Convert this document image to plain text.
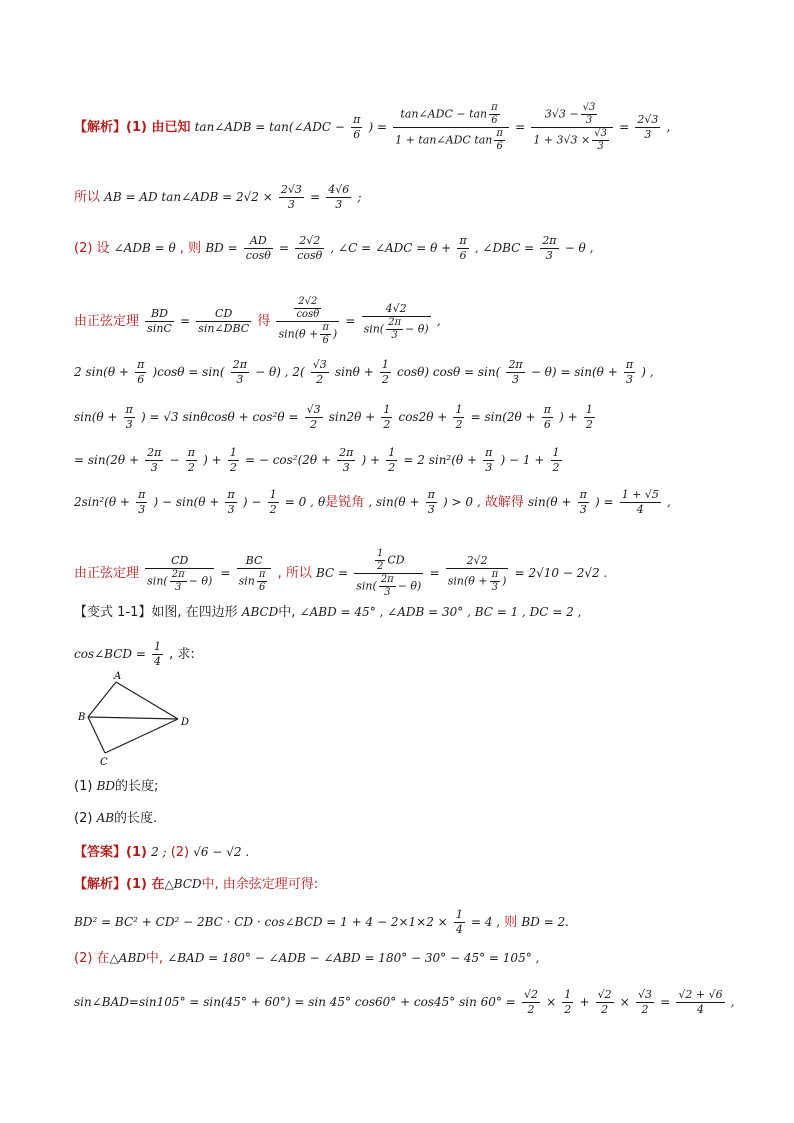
【解析】(1) 由已知 tan∠ADB = tan(∠ADC − $\frac{\pi}{6}$ ) = $\frac{\tan\angle ADC - \tan \frac{\pi}{6}}{1 + \tan\angle ADC \tan \frac{\pi}{6}} = \frac{3√3 - \frac{√3}{3}}{1 + 3√3 \times \frac{√3}{3}} = \frac{2√3}{3}$ ,
所以 AB = AD tan∠ADB = $2√2 \times \frac{2√3}{3} = \frac{4√6}{3}$ ;
(2) 设 ∠ADB = θ , 则 BD = $\frac{AD}{\cos\theta} = \frac{2√2}{\cos\theta}$ , ∠C = ∠ADC = $\theta + \frac{\pi}{6}$ , ∠DBC = $\frac{2\pi}{3} - \theta$ ,
由正弦定理 $\frac{BD}{\sin C} = \frac{CD}{\text{sin∠DBC}}$ 得 $\frac{\frac{2√2}{\cos\theta}}{\sin(\theta + \frac{\pi}{6} )} = \frac{4√2}{\sin( \frac{2\pi}{3} - \theta)}$ ,
2 $\sin(\theta + \frac{\pi}{6} )\cos\theta = \sin( \frac{2\pi}{3} - \theta)$ , $2( \frac{√3}{2}$ $\sin\theta + \frac{1}{2} \cos\theta$) $\cos\theta = \sin( \frac{2\pi}{3} - \theta) = \sin(\theta + \frac{\pi}{3}$ ) ,
$\sin(\theta + \frac{\pi}{3}$ ) = √3 $\sin\theta\cos\theta + \cos^2\theta = \frac{√3}{2} \sin 2\theta + \frac{1}{2} \cos 2\theta + \frac{1}{2} = \sin(2\theta + \frac{\pi}{6}$ ) + $\frac{1}{2}$
= $\sin(2\theta + \frac{2\pi}{3} - \frac{\pi}{2}$ ) + $\frac{1}{2}$ = − $\cos^2(2\theta + \frac{2\pi}{3}$ ) + $\frac{1}{2} = 2$ $\sin^2(\theta + \frac{\pi}{3}$ ) − $1 + \frac{1}{2}$
$2\sin^2(\theta + \frac{\pi}{3}$ ) − $\sin(\theta + \frac{\pi}{3}$ ) − $\frac{1}{2} = 0$ , θ是锐角 , $\sin(\theta + \frac{\pi}{3}$ ) > 0 , 故解得 $\sin(\theta + \frac{\pi}{3}$ ) = $\frac{1 + √5}{4}$ ,
由正弦定理 $\frac{CD}{\sin( \frac{2\pi}{3} - \theta)} = \frac{BC}{\sin \frac{\pi}{6}}$ , 所以 BC = $\frac{\frac{1}{2} CD}{\sin( \frac{2\pi}{3} - \theta)} = \frac{2√2}{\sin(\theta + \frac{\pi}{3} )} = 2√10 - 2√2$ .
【变式 1-1】如图, 在四边形 ABCD中, ∠ABD = 45° , ∠ADB = 30° , BC = 1 , DC = 2 ,
cos∠BCD = $\frac{1}{4}$ , 求:
A
B
C
D
(1) BD的长度;
(2) AB的长度.
【答案】(1) 2 ; (2) √6 − √2 .
【解析】(1) 在△BCD中, 由余弦定理可得:
BD² = BC² + CD² − 2BC · CD · cos∠BCD = $1 + 4 - 2\times 1\times 2 \times \frac{1}{4} = 4$ , 则 BD = 2.
(2) 在△ABD中, ∠BAD = 180° − ∠ADB − ∠ABD = 180° − 30° − 45° = 105° ,
sin∠BAD=sin105° = sin(45° + 60°) = sin 45° cos60° + cos45° $\sin 60^\circ = \frac{√2}{2} \times \frac{1}{2} + \frac{√2}{2} \times \frac{√3}{2} = \frac{√2 + √6}{4}$ ,
